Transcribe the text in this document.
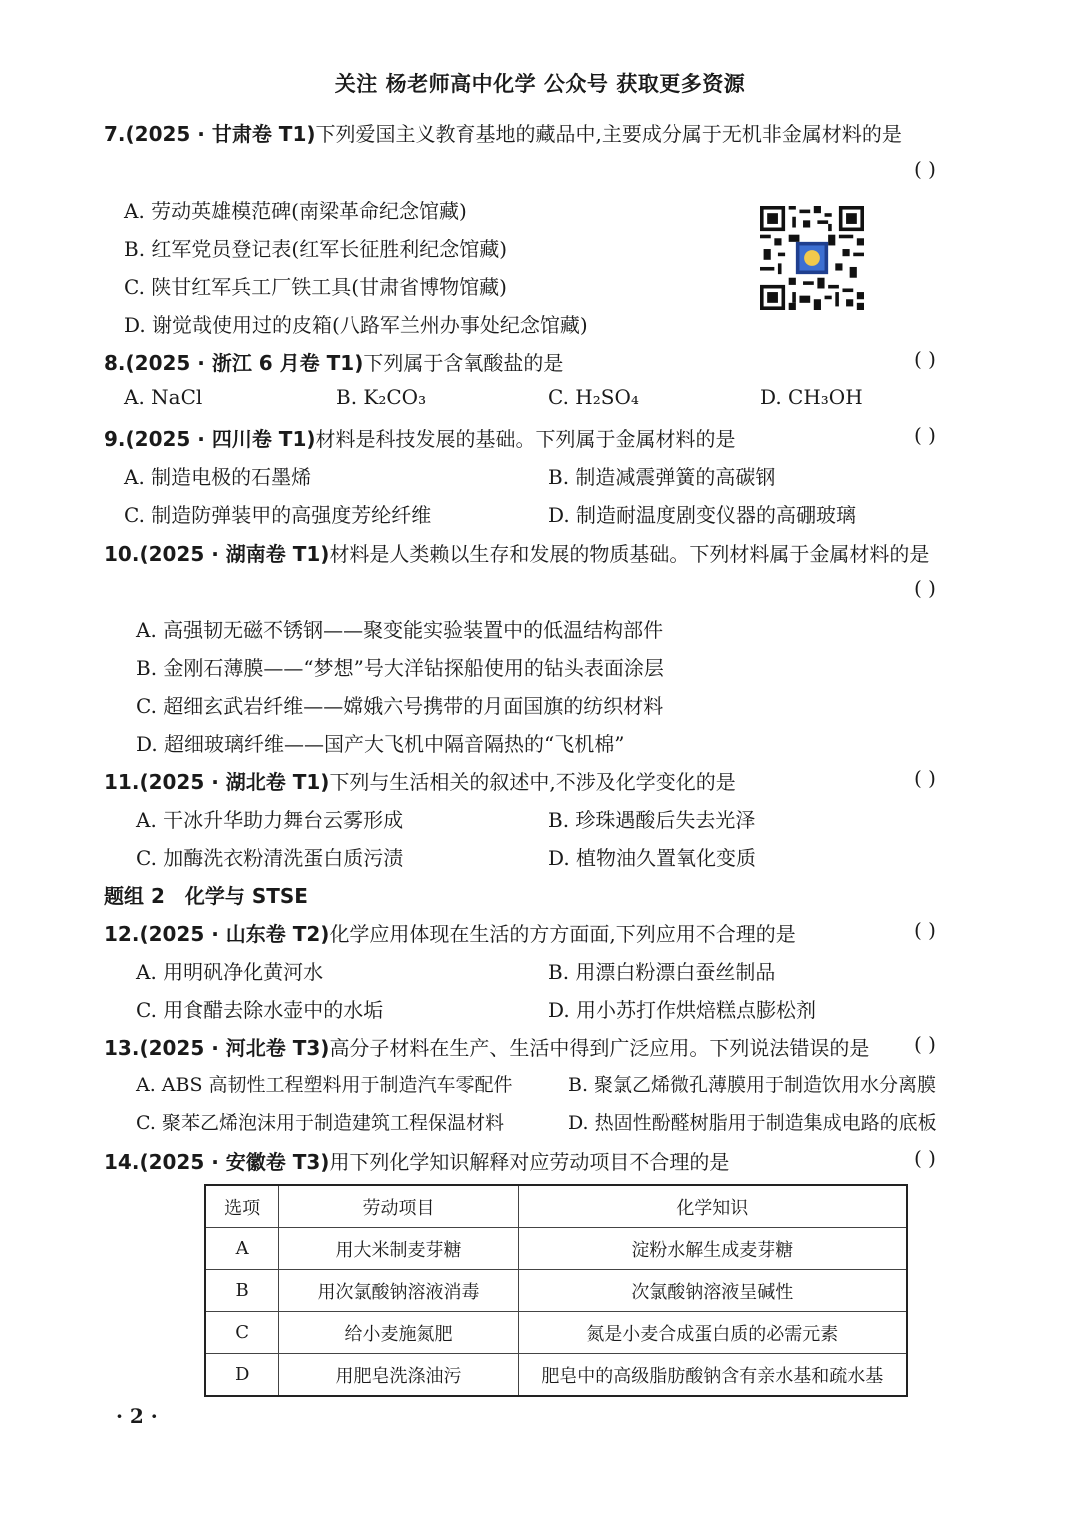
关注 杨老师高中化学 公众号 获取更多资源
7.(2025 · 甘肃卷 T1)下列爱国主义教育基地的藏品中,主要成分属于无机非金属材料的是
( )
A. 劳动英雄模范碑(南梁革命纪念馆藏)
B. 红军党员登记表(红军长征胜利纪念馆藏)
C. 陕甘红军兵工厂铁工具(甘肃省博物馆藏)
D. 谢觉哉使用过的皮箱(八路军兰州办事处纪念馆藏)
8.(2025 · 浙江 6 月卷 T1)下列属于含氧酸盐的是	( )
A. NaCl	B. K₂CO₃	C. H₂SO₄	D. CH₃OH
9.(2025 · 四川卷 T1)材料是科技发展的基础。下列属于金属材料的是	( )
A. 制造电极的石墨烯	B. 制造减震弹簧的高碳钢
C. 制造防弹装甲的高强度芳纶纤维	D. 制造耐温度剧变仪器的高硼玻璃
10.(2025 · 湖南卷 T1)材料是人类赖以生存和发展的物质基础。下列材料属于金属材料的是
( )
A. 高强韧无磁不锈钢——聚变能实验装置中的低温结构部件
B. 金刚石薄膜——“梦想”号大洋钻探船使用的钻头表面涂层
C. 超细玄武岩纤维——嫦娥六号携带的月面国旗的纺织材料
D. 超细玻璃纤维——国产大飞机中隔音隔热的“飞机棉”
11.(2025 · 湖北卷 T1)下列与生活相关的叙述中,不涉及化学变化的是	( )
A. 干冰升华助力舞台云雾形成	B. 珍珠遇酸后失去光泽
C. 加酶洗衣粉清洗蛋白质污渍	D. 植物油久置氧化变质
题组 2　化学与 STSE
12.(2025 · 山东卷 T2)化学应用体现在生活的方方面面,下列应用不合理的是	( )
A. 用明矾净化黄河水	B. 用漂白粉漂白蚕丝制品
C. 用食醋去除水壶中的水垢	D. 用小苏打作烘焙糕点膨松剂
13.(2025 · 河北卷 T3)高分子材料在生产、生活中得到广泛应用。下列说法错误的是 ( )
A. ABS 高韧性工程塑料用于制造汽车零配件	B. 聚氯乙烯微孔薄膜用于制造饮用水分离膜
C. 聚苯乙烯泡沫用于制造建筑工程保温材料	D. 热固性酚醛树脂用于制造集成电路的底板
14.(2025 · 安徽卷 T3)用下列化学知识解释对应劳动项目不合理的是	( )
选项	劳动项目	化学知识
A	用大米制麦芽糖	淀粉水解生成麦芽糖
B	用次氯酸钠溶液消毒	次氯酸钠溶液呈碱性
C	给小麦施氮肥	氮是小麦合成蛋白质的必需元素
D	用肥皂洗涤油污	肥皂中的高级脂肪酸钠含有亲水基和疏水基
· 2 ·
